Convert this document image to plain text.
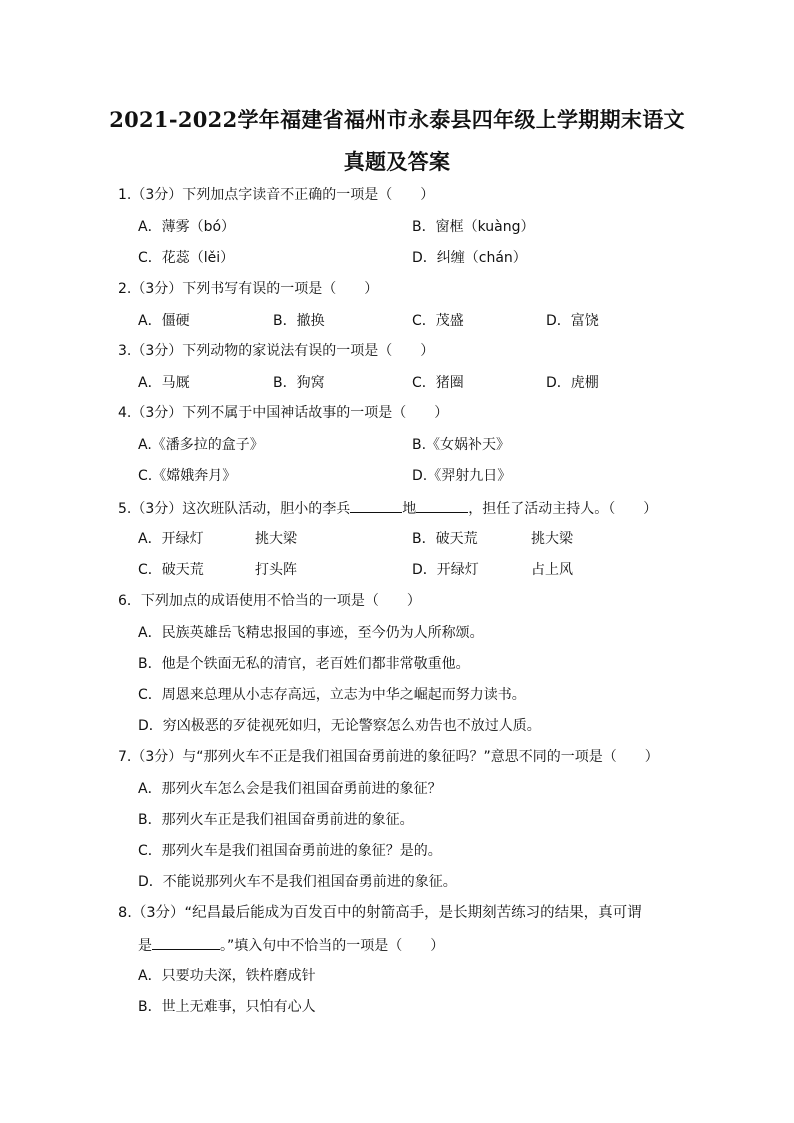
2021-2022学年福建省福州市永泰县四年级上学期期末语文
真题及答案
1.（3分）下列加点字读音不正确的一项是（　　）
A．薄雾（bó）	B．窗框（kuàng）
C．花蕊（lěi）	D．纠缠（chán）
2.（3分）下列书写有误的一项是（　　）
A．僵硬	B．撤换	C．茂盛	D．富饶
3.（3分）下列动物的家说法有误的一项是（　　）
A．马厩	B．狗窝	C．猪圈	D．虎棚
4.（3分）下列不属于中国神话故事的一项是（　　）
A.《潘多拉的盒子》	B.《女娲补天》
C.《嫦娥奔月》	D.《羿射九日》
5.（3分）这次班队活动，胆小的李兵	地	，担任了活动主持人。（　　）
A．开绿灯	挑大梁	B．破天荒	挑大梁
C．破天荒	打头阵	D．开绿灯	占上风
6．下列加点的成语使用不恰当的一项是（　　）
A．民族英雄岳飞精忠报国的事迹，至今仍为人所称颂。
B．他是个铁面无私的清官，老百姓们都非常敬重他。
C．周恩来总理从小志存高远，立志为中华之崛起而努力读书。
D．穷凶极恶的歹徒视死如归，无论警察怎么劝告也不放过人质。
7.（3分）与“那列火车不正是我们祖国奋勇前进的象征吗？”意思不同的一项是（　　）
A．那列火车怎么会是我们祖国奋勇前进的象征？
B．那列火车正是我们祖国奋勇前进的象征。
C．那列火车是我们祖国奋勇前进的象征？是的。
D．不能说那列火车不是我们祖国奋勇前进的象征。
8.（3分）“纪昌最后能成为百发百中的射箭高手，是长期刻苦练习的结果，真可谓
是	。”填入句中不恰当的一项是（　　）
A．只要功夫深，铁杵磨成针
B．世上无难事，只怕有心人
